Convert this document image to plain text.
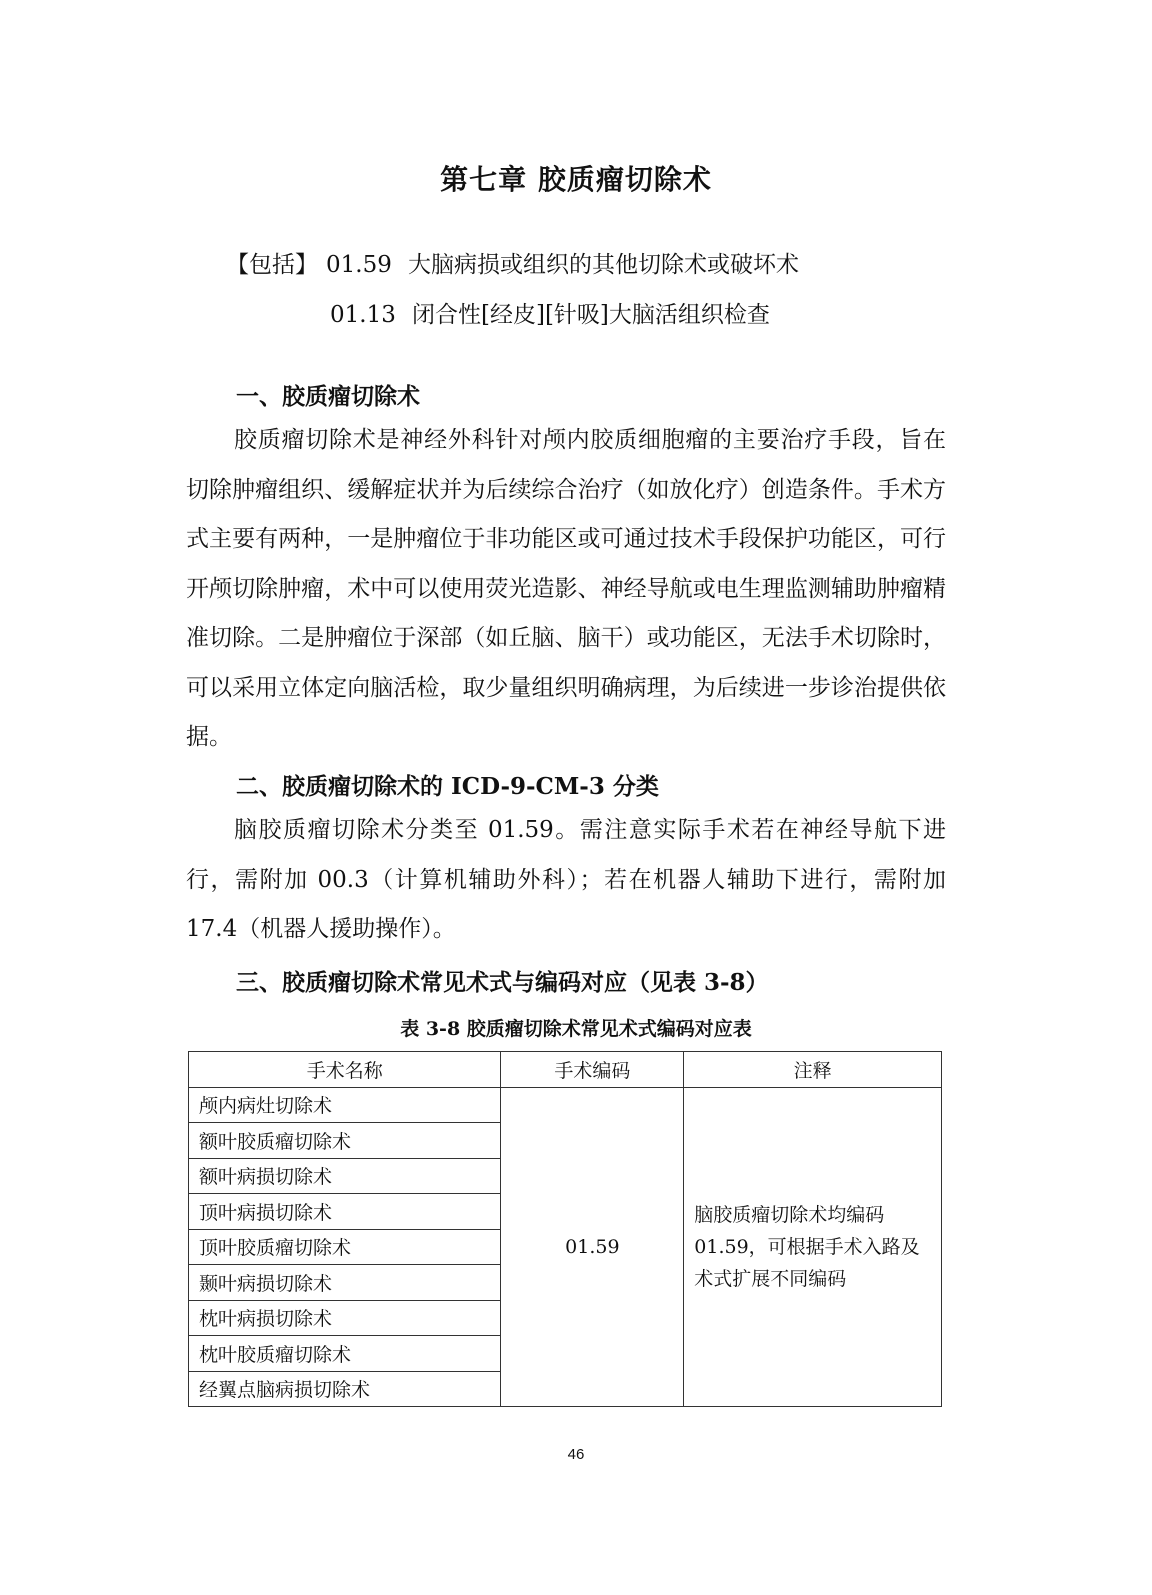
第七章 胶质瘤切除术
【包括】 01.59 大脑病损或组织的其他切除术或破坏术
01.13 闭合性[经皮][针吸]大脑活组织检查
一、胶质瘤切除术

胶质瘤切除术是神经外科针对颅内胶质细胞瘤的主要治疗手段，旨在切除肿瘤组织、缓解症状并为后续综合治疗（如放化疗）创造条件。手术方式主要有两种，一是肿瘤位于非功能区或可通过技术手段保护功能区，可行开颅切除肿瘤，术中可以使用荧光造影、神经导航或电生理监测辅助肿瘤精准切除。二是肿瘤位于深部（如丘脑、脑干）或功能区，无法手术切除时，可以采用立体定向脑活检，取少量组织明确病理，为后续进一步诊治提供依据。

二、胶质瘤切除术的 ICD-9-CM-3 分类

脑胶质瘤切除术分类至 01.59。需注意实际手术若在神经导航下进行，需附加 00.3（计算机辅助外科）；若在机器人辅助下进行，需附加 17.4（机器人援助操作）。

三、胶质瘤切除术常见术式与编码对应（见表 3-8）
表 3-8 胶质瘤切除术常见术式编码对应表
手术名称	手术编码	注释
颅内病灶切除术	01.59	脑胶质瘤切除术均编码 01.59，可根据手术入路及术式扩展不同编码
额叶胶质瘤切除术		
额叶病损切除术		
顶叶病损切除术		
顶叶胶质瘤切除术		
颞叶病损切除术		
枕叶病损切除术		
枕叶胶质瘤切除术		
经翼点脑病损切除术		
46
